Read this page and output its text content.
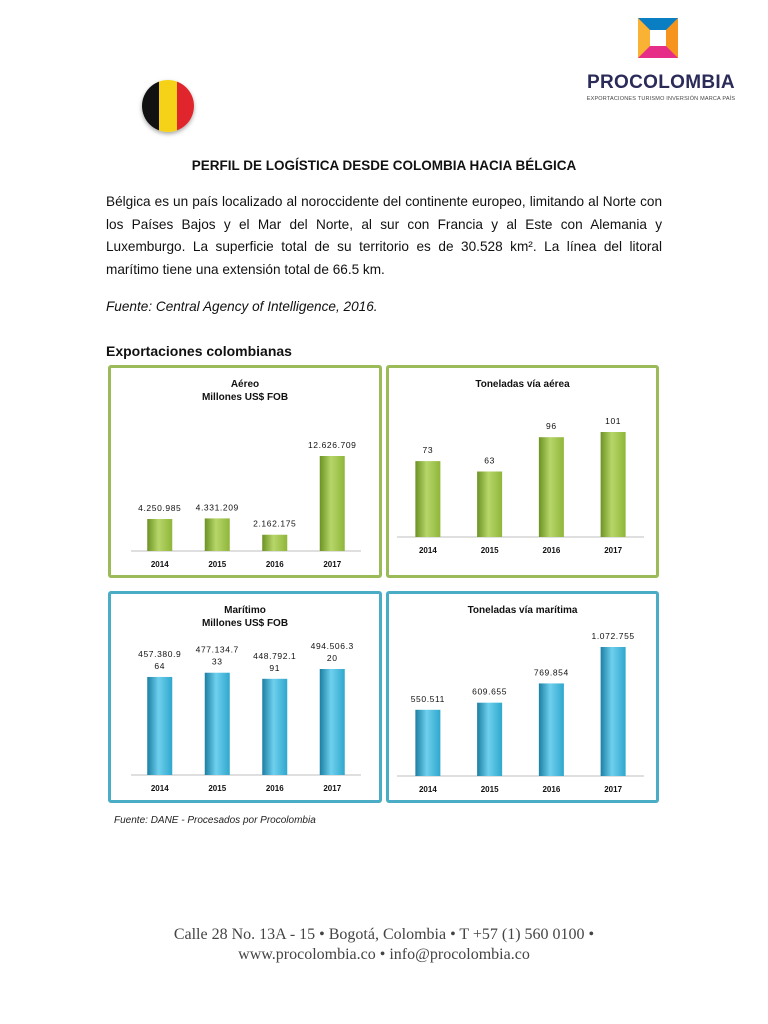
PROCOLOMBIA
EXPORTACIONES TURISMO INVERSIÓN MARCA PAÍS
PERFIL DE LOGÍSTICA DESDE COLOMBIA HACIA BÉLGICA
Bélgica es un país localizado al noroccidente del continente europeo, limitando al Norte con los Países Bajos y el Mar del Norte, al sur con Francia y al Este con Alemania y Luxemburgo. La superficie total de su territorio es de 30.528 km². La línea del litoral marítimo tiene una extensión total de 66.5 km.
Fuente: Central Agency of Intelligence, 2016.
Exportaciones colombianas
Aéreo
Millones US$ FOB
4.250.985
2014
4.331.209
2015
2.162.175
2016
12.626.709
2017
Toneladas vía aérea
73
2014
63
2015
96
2016
101
2017
Marítimo
Millones US$ FOB
457.380.9
64
2014
477.134.7
33
2015
448.792.1
91
2016
494.506.3
20
2017
Toneladas vía marítima
550.511
2014
609.655
2015
769.854
2016
1.072.755
2017
Fuente: DANE - Procesados por Procolombia
Calle 28 No. 13A - 15 • Bogotá, Colombia • T +57 (1) 560 0100 •
www.procolombia.co • info@procolombia.co
